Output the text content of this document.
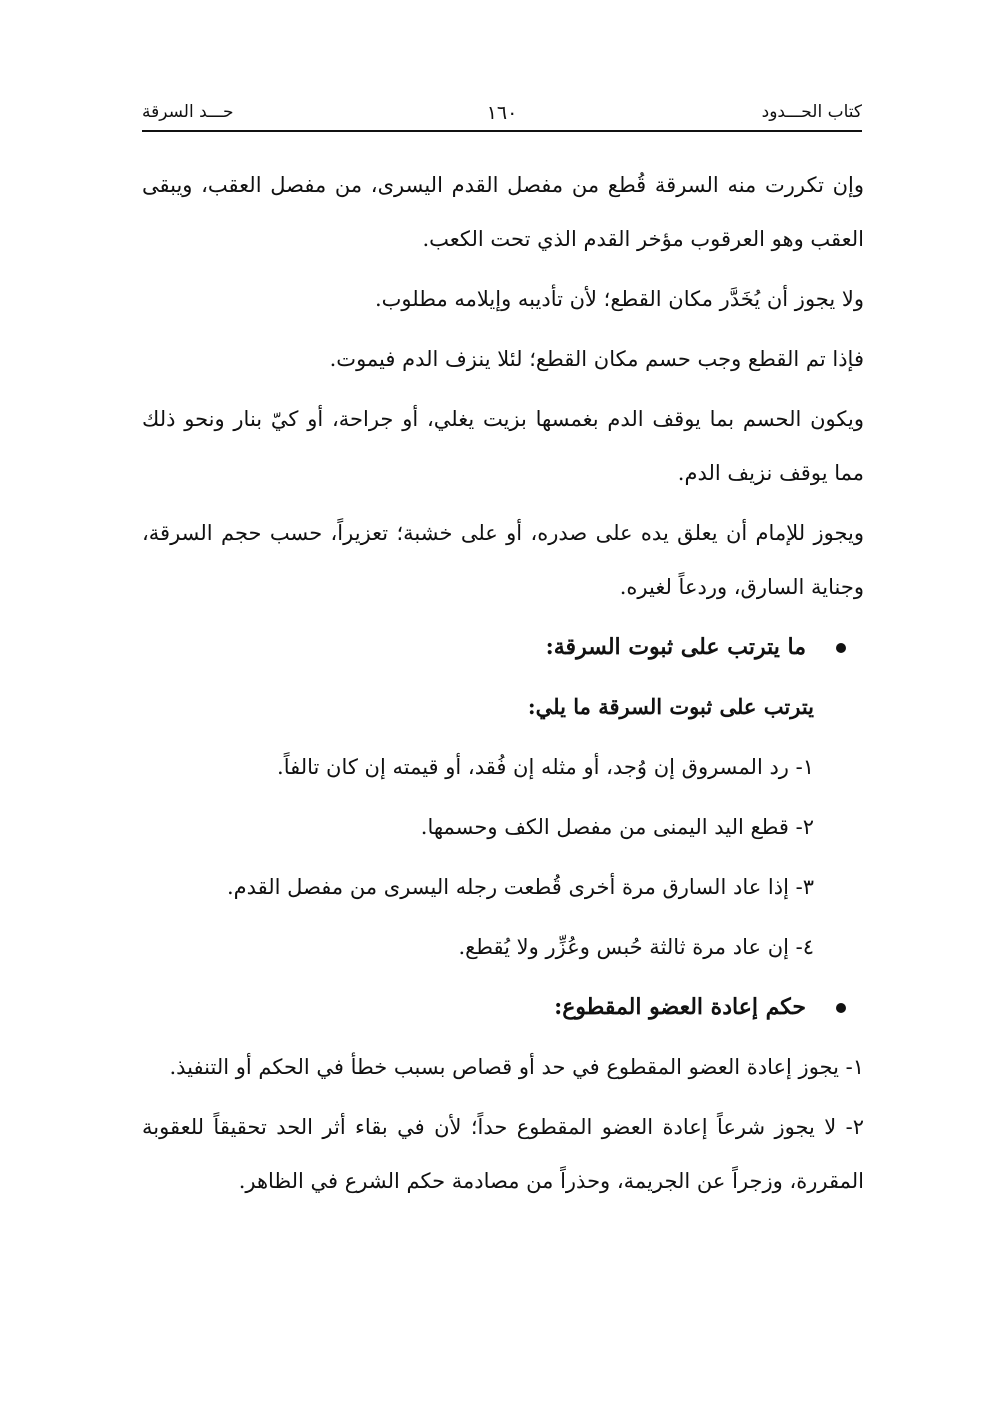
كتاب الحـــدود
١٦٠
حـــد السرقة

وإن تكررت منه السرقة قُطع من مفصل القدم اليسرى، من مفصل العقب، ويبقى العقب وهو العرقوب مؤخر القدم الذي تحت الكعب.

ولا يجوز أن يُخَدَّر مكان القطع؛ لأن تأديبه وإيلامه مطلوب.

فإذا تم القطع وجب حسم مكان القطع؛ لئلا ينزف الدم فيموت.

ويكون الحسم بما يوقف الدم بغمسها بزيت يغلي، أو جراحة، أو كيّ بنار ونحو ذلك مما يوقف نزيف الدم.

ويجوز للإمام أن يعلق يده على صدره، أو على خشبة؛ تعزيراً، حسب حجم السرقة، وجناية السارق، وردعاً لغيره.

ما يترتب على ثبوت السرقة:

يترتب على ثبوت السرقة ما يلي:

١- رد المسروق إن وُجد، أو مثله إن فُقد، أو قيمته إن كان تالفاً.

٢- قطع اليد اليمنى من مفصل الكف وحسمها.

٣- إذا عاد السارق مرة أخرى قُطعت رجله اليسرى من مفصل القدم.

٤- إن عاد مرة ثالثة حُبس وعُزِّر ولا يُقطع.

حكم إعادة العضو المقطوع:

١- يجوز إعادة العضو المقطوع في حد أو قصاص بسبب خطأ في الحكم أو التنفيذ.

٢- لا يجوز شرعاً إعادة العضو المقطوع حداً؛ لأن في بقاء أثر الحد تحقيقاً للعقوبة المقررة، وزجراً عن الجريمة، وحذراً من مصادمة حكم الشرع في الظاهر.
